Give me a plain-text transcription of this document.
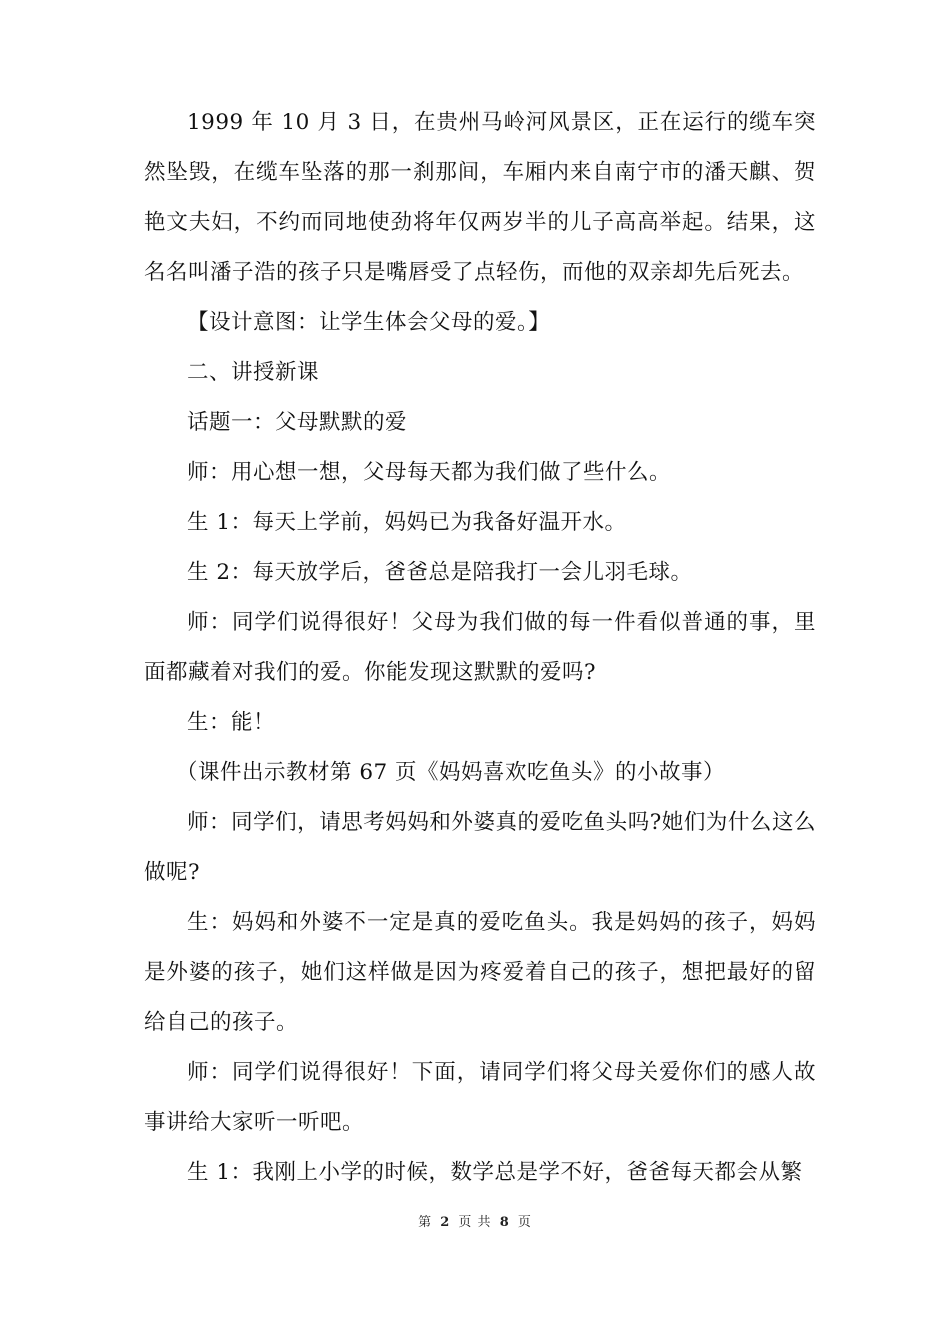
1999 年 10 月 3 日，在贵州马岭河风景区，正在运行的缆车突然坠毁，在缆车坠落的那一刹那间，车厢内来自南宁市的潘天麒、贺艳文夫妇，不约而同地使劲将年仅两岁半的儿子高高举起。结果，这名名叫潘子浩的孩子只是嘴唇受了点轻伤，而他的双亲却先后死去。

【设计意图：让学生体会父母的爱。】

二、讲授新课

话题一：父母默默的爱

师：用心想一想，父母每天都为我们做了些什么。

生 1：每天上学前，妈妈已为我备好温开水。

生 2：每天放学后，爸爸总是陪我打一会儿羽毛球。

师：同学们说得很好！父母为我们做的每一件看似普通的事，里面都藏着对我们的爱。你能发现这默默的爱吗?

生：能！

（课件出示教材第 67 页《妈妈喜欢吃鱼头》的小故事）

师：同学们，请思考妈妈和外婆真的爱吃鱼头吗?她们为什么这么做呢?

生：妈妈和外婆不一定是真的爱吃鱼头。我是妈妈的孩子，妈妈是外婆的孩子，她们这样做是因为疼爱着自己的孩子，想把最好的留给自己的孩子。

师：同学们说得很好！下面，请同学们将父母关爱你们的感人故事讲给大家听一听吧。

生 1：我刚上小学的时候，数学总是学不好，爸爸每天都会从繁

第 2 页 共 8 页
